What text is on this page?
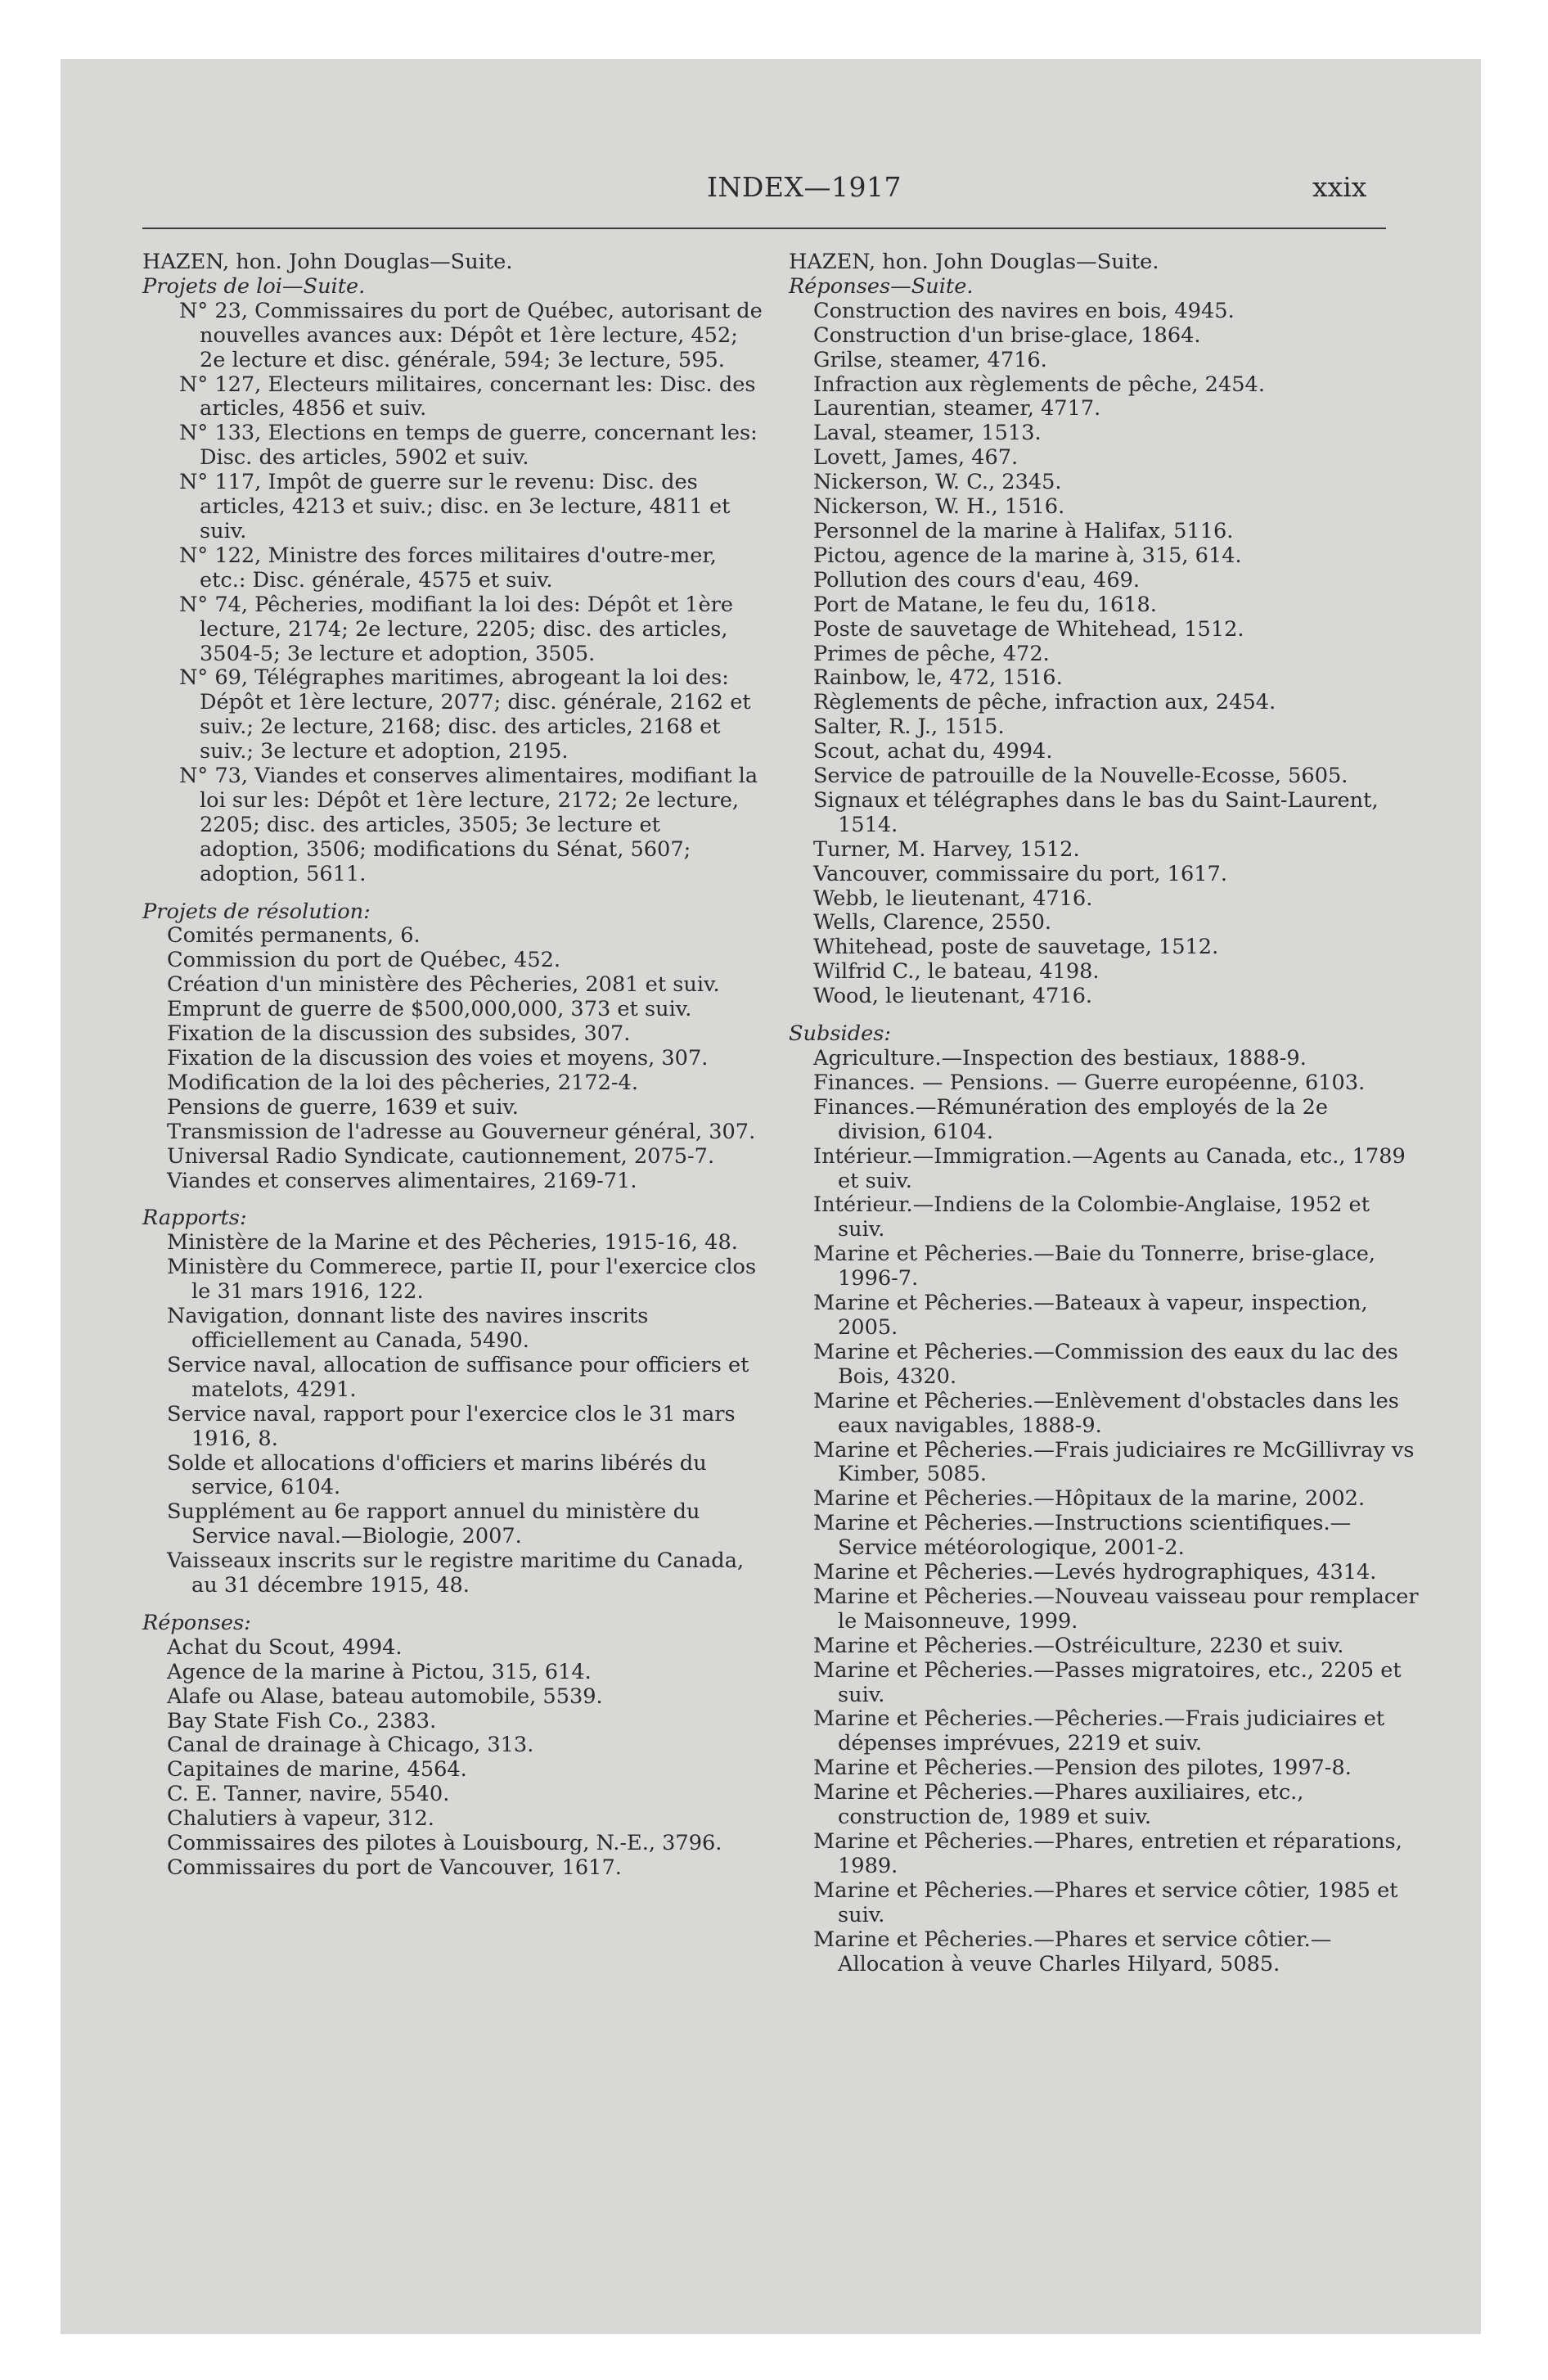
INDEX—1917	xxix

HAZEN, hon. John Douglas—Suite.

Projets de loi—Suite.

N° 23, Commissaires du port de Québec, autorisant de nouvelles avances aux: Dépôt et 1ère lecture, 452; 2e lecture et disc. générale, 594; 3e lecture, 595.

N° 127, Electeurs militaires, concernant les: Disc. des articles, 4856 et suiv.

N° 133, Elections en temps de guerre, concernant les: Disc. des articles, 5902 et suiv.

N° 117, Impôt de guerre sur le revenu: Disc. des articles, 4213 et suiv.; disc. en 3e lecture, 4811 et suiv.

N° 122, Ministre des forces militaires d'outre-mer, etc.: Disc. générale, 4575 et suiv.

N° 74, Pêcheries, modifiant la loi des: Dépôt et 1ère lecture, 2174; 2e lecture, 2205; disc. des articles, 3504-5; 3e lecture et adoption, 3505.

N° 69, Télégraphes maritimes, abrogeant la loi des: Dépôt et 1ère lecture, 2077; disc. générale, 2162 et suiv.; 2e lecture, 2168; disc. des articles, 2168 et suiv.; 3e lecture et adoption, 2195.

N° 73, Viandes et conserves alimentaires, modifiant la loi sur les: Dépôt et 1ère lecture, 2172; 2e lecture, 2205; disc. des articles, 3505; 3e lecture et adoption, 3506; modifications du Sénat, 5607; adoption, 5611.

Projets de résolution:

Comités permanents, 6.

Commission du port de Québec, 452.

Création d'un ministère des Pêcheries, 2081 et suiv.

Emprunt de guerre de $500,000,000, 373 et suiv.

Fixation de la discussion des subsides, 307.

Fixation de la discussion des voies et moyens, 307.

Modification de la loi des pêcheries, 2172-4.

Pensions de guerre, 1639 et suiv.

Transmission de l'adresse au Gouverneur général, 307.

Universal Radio Syndicate, cautionnement, 2075-7.

Viandes et conserves alimentaires, 2169-71.

Rapports:

Ministère de la Marine et des Pêcheries, 1915-16, 48.

Ministère du Commerece, partie II, pour l'exercice clos le 31 mars 1916, 122.

Navigation, donnant liste des navires inscrits officiellement au Canada, 5490.

Service naval, allocation de suffisance pour officiers et matelots, 4291.

Service naval, rapport pour l'exercice clos le 31 mars 1916, 8.

Solde et allocations d'officiers et marins libérés du service, 6104.

Supplément au 6e rapport annuel du ministère du Service naval.—Biologie, 2007.

Vaisseaux inscrits sur le registre maritime du Canada, au 31 décembre 1915, 48.

Réponses:

Achat du Scout, 4994.

Agence de la marine à Pictou, 315, 614.

Alafe ou Alase, bateau automobile, 5539.

Bay State Fish Co., 2383.

Canal de drainage à Chicago, 313.

Capitaines de marine, 4564.

C. E. Tanner, navire, 5540.

Chalutiers à vapeur, 312.

Commissaires des pilotes à Louisbourg, N.-E., 3796.

Commissaires du port de Vancouver, 1617.

HAZEN, hon. John Douglas—Suite.

Réponses—Suite.

Construction des navires en bois, 4945.

Construction d'un brise-glace, 1864.

Grilse, steamer, 4716.

Infraction aux règlements de pêche, 2454.

Laurentian, steamer, 4717.

Laval, steamer, 1513.

Lovett, James, 467.

Nickerson, W. C., 2345.

Nickerson, W. H., 1516.

Personnel de la marine à Halifax, 5116.

Pictou, agence de la marine à, 315, 614.

Pollution des cours d'eau, 469.

Port de Matane, le feu du, 1618.

Poste de sauvetage de Whitehead, 1512.

Primes de pêche, 472.

Rainbow, le, 472, 1516.

Règlements de pêche, infraction aux, 2454.

Salter, R. J., 1515.

Scout, achat du, 4994.

Service de patrouille de la Nouvelle-Ecosse, 5605.

Signaux et télégraphes dans le bas du Saint-Laurent, 1514.

Turner, M. Harvey, 1512.

Vancouver, commissaire du port, 1617.

Webb, le lieutenant, 4716.

Wells, Clarence, 2550.

Whitehead, poste de sauvetage, 1512.

Wilfrid C., le bateau, 4198.

Wood, le lieutenant, 4716.

Subsides:

Agriculture.—Inspection des bestiaux, 1888-9.

Finances. — Pensions. — Guerre européenne, 6103.

Finances.—Rémunération des employés de la 2e division, 6104.

Intérieur.—Immigration.—Agents au Canada, etc., 1789 et suiv.

Intérieur.—Indiens de la Colombie-Anglaise, 1952 et suiv.

Marine et Pêcheries.—Baie du Tonnerre, brise-glace, 1996-7.

Marine et Pêcheries.—Bateaux à vapeur, inspection, 2005.

Marine et Pêcheries.—Commission des eaux du lac des Bois, 4320.

Marine et Pêcheries.—Enlèvement d'obstacles dans les eaux navigables, 1888-9.

Marine et Pêcheries.—Frais judiciaires re McGillivray vs Kimber, 5085.

Marine et Pêcheries.—Hôpitaux de la marine, 2002.

Marine et Pêcheries.—Instructions scientifiques.—Service météorologique, 2001-2.

Marine et Pêcheries.—Levés hydrographiques, 4314.

Marine et Pêcheries.—Nouveau vaisseau pour remplacer le Maisonneuve, 1999.

Marine et Pêcheries.—Ostréiculture, 2230 et suiv.

Marine et Pêcheries.—Passes migratoires, etc., 2205 et suiv.

Marine et Pêcheries.—Pêcheries.—Frais judiciaires et dépenses imprévues, 2219 et suiv.

Marine et Pêcheries.—Pension des pilotes, 1997-8.

Marine et Pêcheries.—Phares auxiliaires, etc., construction de, 1989 et suiv.

Marine et Pêcheries.—Phares, entretien et réparations, 1989.

Marine et Pêcheries.—Phares et service côtier, 1985 et suiv.

Marine et Pêcheries.—Phares et service côtier.—Allocation à veuve Charles Hilyard, 5085.
